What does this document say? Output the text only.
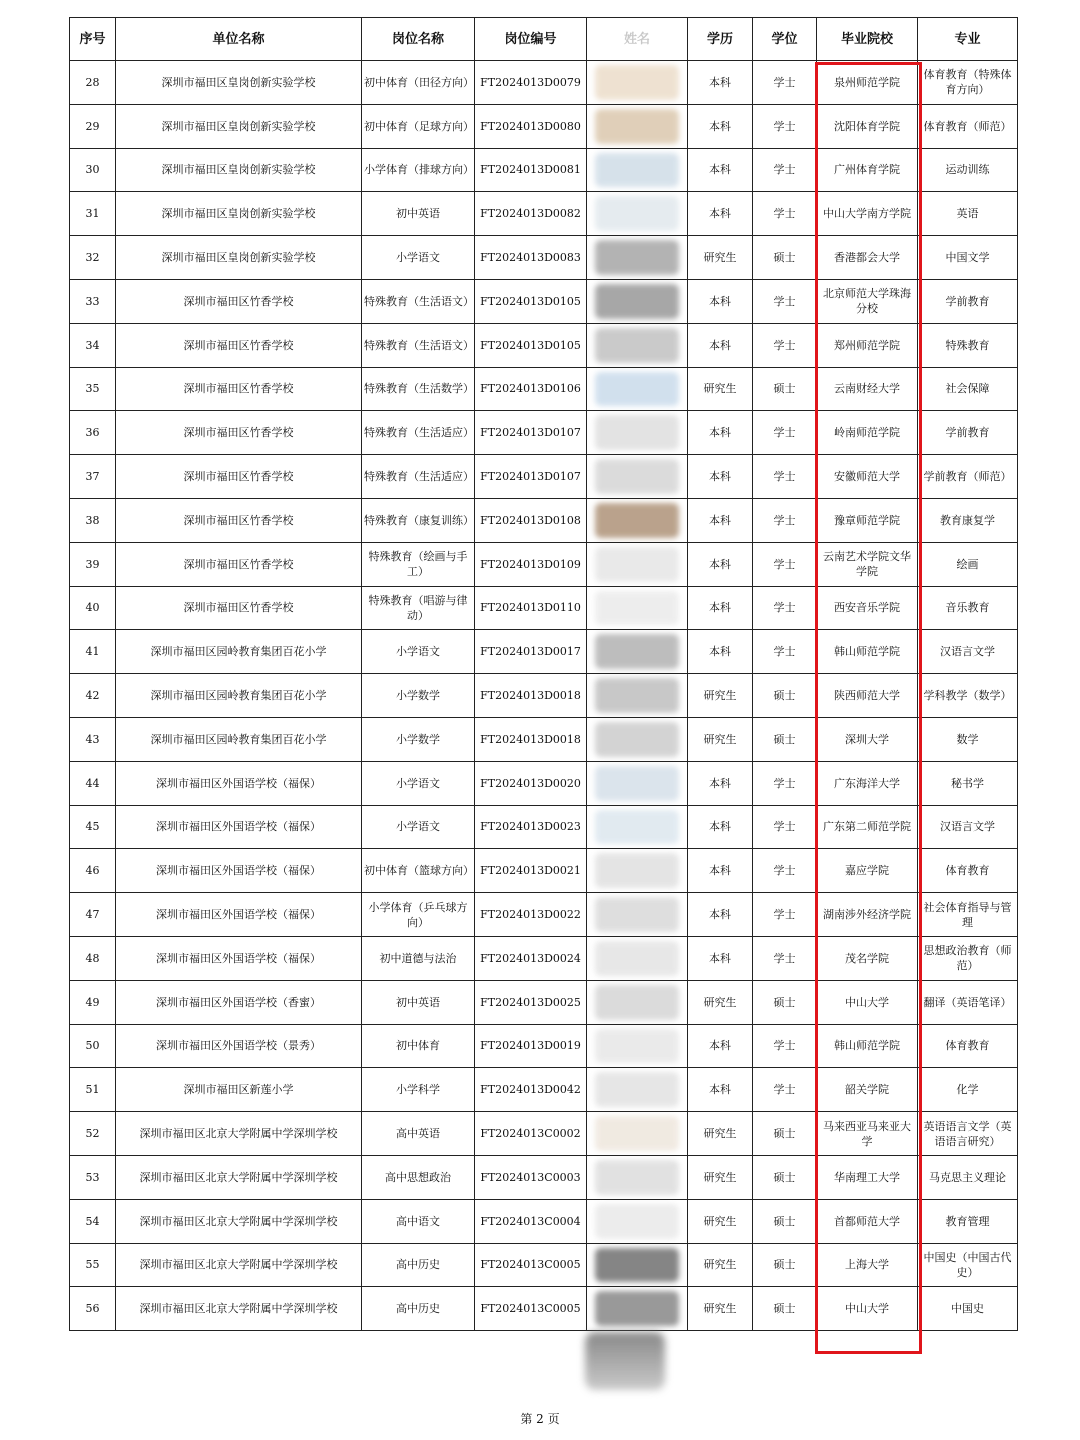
序号	单位名称	岗位名称	岗位编号	姓名	学历	学位	毕业院校	专业
28	深圳市福田区皇岗创新实验学校	初中体育（田径方向）	FT2024013D0079		本科	学士	泉州师范学院	体育教育（特殊体育方向）
29	深圳市福田区皇岗创新实验学校	初中体育（足球方向）	FT2024013D0080		本科	学士	沈阳体育学院	体育教育（师范）
30	深圳市福田区皇岗创新实验学校	小学体育（排球方向）	FT2024013D0081		本科	学士	广州体育学院	运动训练
31	深圳市福田区皇岗创新实验学校	初中英语	FT2024013D0082		本科	学士	中山大学南方学院	英语
32	深圳市福田区皇岗创新实验学校	小学语文	FT2024013D0083		研究生	硕士	香港都会大学	中国文学
33	深圳市福田区竹香学校	特殊教育（生活语文）	FT2024013D0105		本科	学士	北京师范大学珠海分校	学前教育
34	深圳市福田区竹香学校	特殊教育（生活语文）	FT2024013D0105		本科	学士	郑州师范学院	特殊教育
35	深圳市福田区竹香学校	特殊教育（生活数学）	FT2024013D0106		研究生	硕士	云南财经大学	社会保障
36	深圳市福田区竹香学校	特殊教育（生活适应）	FT2024013D0107		本科	学士	岭南师范学院	学前教育
37	深圳市福田区竹香学校	特殊教育（生活适应）	FT2024013D0107		本科	学士	安徽师范大学	学前教育（师范）
38	深圳市福田区竹香学校	特殊教育（康复训练）	FT2024013D0108		本科	学士	豫章师范学院	教育康复学
39	深圳市福田区竹香学校	特殊教育（绘画与手工）	FT2024013D0109		本科	学士	云南艺术学院文华学院	绘画
40	深圳市福田区竹香学校	特殊教育（唱游与律动）	FT2024013D0110		本科	学士	西安音乐学院	音乐教育
41	深圳市福田区园岭教育集团百花小学	小学语文	FT2024013D0017		本科	学士	韩山师范学院	汉语言文学
42	深圳市福田区园岭教育集团百花小学	小学数学	FT2024013D0018		研究生	硕士	陕西师范大学	学科教学（数学）
43	深圳市福田区园岭教育集团百花小学	小学数学	FT2024013D0018		研究生	硕士	深圳大学	数学
44	深圳市福田区外国语学校（福保）	小学语文	FT2024013D0020		本科	学士	广东海洋大学	秘书学
45	深圳市福田区外国语学校（福保）	小学语文	FT2024013D0023		本科	学士	广东第二师范学院	汉语言文学
46	深圳市福田区外国语学校（福保）	初中体育（篮球方向）	FT2024013D0021		本科	学士	嘉应学院	体育教育
47	深圳市福田区外国语学校（福保）	小学体育（乒乓球方向）	FT2024013D0022		本科	学士	湖南涉外经济学院	社会体育指导与管理
48	深圳市福田区外国语学校（福保）	初中道德与法治	FT2024013D0024		本科	学士	茂名学院	思想政治教育（师范）
49	深圳市福田区外国语学校（香蜜）	初中英语	FT2024013D0025		研究生	硕士	中山大学	翻译（英语笔译）
50	深圳市福田区外国语学校（景秀）	初中体育	FT2024013D0019		本科	学士	韩山师范学院	体育教育
51	深圳市福田区新莲小学	小学科学	FT2024013D0042		本科	学士	韶关学院	化学
52	深圳市福田区北京大学附属中学深圳学校	高中英语	FT2024013C0002		研究生	硕士	马来西亚马来亚大学	英语语言文学（英语语言研究）
53	深圳市福田区北京大学附属中学深圳学校	高中思想政治	FT2024013C0003		研究生	硕士	华南理工大学	马克思主义理论
54	深圳市福田区北京大学附属中学深圳学校	高中语文	FT2024013C0004		研究生	硕士	首都师范大学	教育管理
55	深圳市福田区北京大学附属中学深圳学校	高中历史	FT2024013C0005		研究生	硕士	上海大学	中国史（中国古代史）
56	深圳市福田区北京大学附属中学深圳学校	高中历史	FT2024013C0005		研究生	硕士	中山大学	中国史
第 2 页
